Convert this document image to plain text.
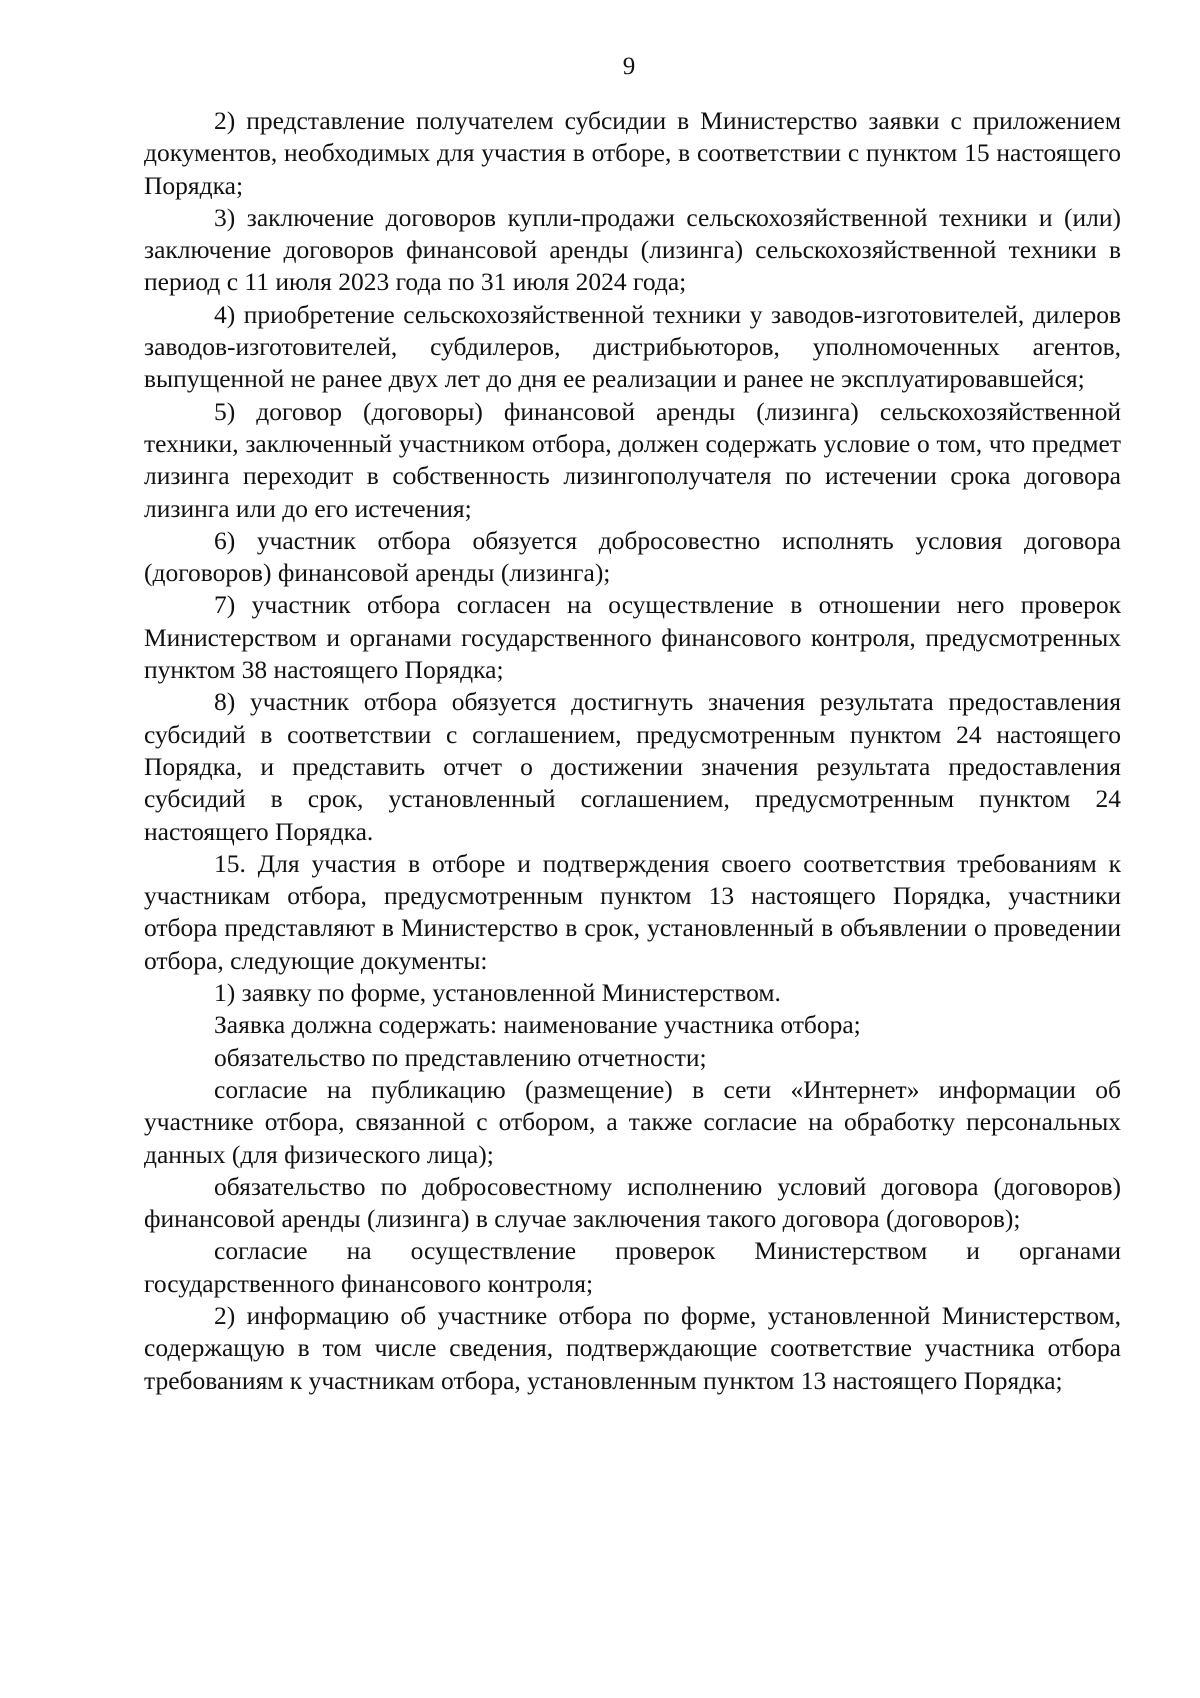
9

2) представление получателем субсидии в Министерство заявки с приложением документов, необходимых для участия в отборе, в соответствии с пунктом 15 настоящего Порядка;

3) заключение договоров купли-продажи сельскохозяйственной техники и (или) заключение договоров финансовой аренды (лизинга) сельскохозяйственной техники в период с 11 июля 2023 года по 31 июля 2024 года;

4) приобретение сельскохозяйственной техники у заводов-изготовителей, дилеров заводов-изготовителей, субдилеров, дистрибьюторов, уполномоченных агентов, выпущенной не ранее двух лет до дня ее реализации и ранее не эксплуатировавшейся;

5) договор (договоры) финансовой аренды (лизинга) сельскохозяйственной техники, заключенный участником отбора, должен содержать условие о том, что предмет лизинга переходит в собственность лизингополучателя по истечении срока договора лизинга или до его истечения;

6) участник отбора обязуется добросовестно исполнять условия договора (договоров) финансовой аренды (лизинга);

7) участник отбора согласен на осуществление в отношении него проверок Министерством и органами государственного финансового контроля, предусмотренных пунктом 38 настоящего Порядка;

8) участник отбора обязуется достигнуть значения результата предоставления субсидий в соответствии с соглашением, предусмотренным пунктом 24 настоящего Порядка, и представить отчет о достижении значения результата предоставления субсидий в срок, установленный соглашением, предусмотренным пунктом 24 настоящего Порядка.

15. Для участия в отборе и подтверждения своего соответствия требованиям к участникам отбора, предусмотренным пунктом 13 настоящего Порядка, участники отбора представляют в Министерство в срок, установленный в объявлении о проведении отбора, следующие документы:

1) заявку по форме, установленной Министерством.

Заявка должна содержать: наименование участника отбора;

обязательство по представлению отчетности;

согласие на публикацию (размещение) в сети «Интернет» информации об участнике отбора, связанной с отбором, а также согласие на обработку персональных данных (для физического лица);

обязательство по добросовестному исполнению условий договора (договоров) финансовой аренды (лизинга) в случае заключения такого договора (договоров);

согласие на осуществление проверок Министерством и органами государственного финансового контроля;

2) информацию об участнике отбора по форме, установленной Министерством, содержащую в том числе сведения, подтверждающие соответствие участника отбора требованиям к участникам отбора, установленным пунктом 13 настоящего Порядка;
